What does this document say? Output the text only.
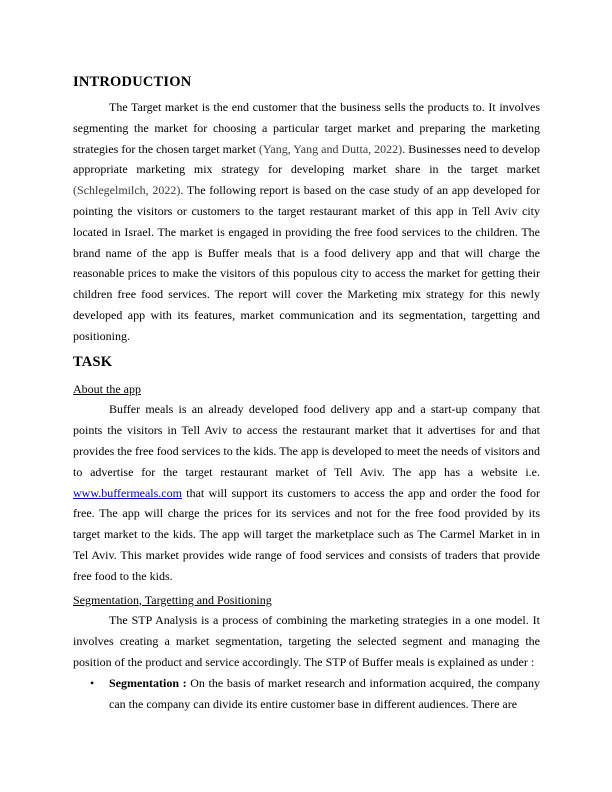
INTRODUCTION

The Target market is the end customer that the business sells the products to. It involves segmenting the market for choosing a particular target market and preparing the marketing strategies for the chosen target market (Yang, Yang and Dutta, 2022). Businesses need to develop appropriate marketing mix strategy for developing market share in the target market (Schlegelmilch, 2022). The following report is based on the case study of an app developed for pointing the visitors or customers to the target restaurant market of this app in Tell Aviv city located in Israel. The market is engaged in providing the free food services to the children. The brand name of the app is Buffer meals that is a food delivery app and that will charge the reasonable prices to make the visitors of this populous city to access the market for getting their children free food services. The report will cover the Marketing mix strategy for this newly developed app with its features, market communication and its segmentation, targetting and positioning.

TASK
About the app

Buffer meals is an already developed food delivery app and a start-up company that points the visitors in Tell Aviv to access the restaurant market that it advertises for and that provides the free food services to the kids. The app is developed to meet the needs of visitors and to advertise for the target restaurant market of Tell Aviv. The app has a website i.e. www.buffermeals.com that will support its customers to access the app and order the food for free. The app will charge the prices for its services and not for the free food provided by its target market to the kids. The app will target the marketplace such as The Carmel Market in in Tel Aviv. This market provides wide range of food services and consists of traders that provide free food to the kids.

Segmentation, Targetting and Positioning

The STP Analysis is a process of combining the marketing strategies in a one model. It involves creating a market segmentation, targeting the selected segment and managing the position of the product and service accordingly. The STP of Buffer meals is explained as under :

• Segmentation : On the basis of market research and information acquired, the company can the company can divide its entire customer base in different audiences. There are
